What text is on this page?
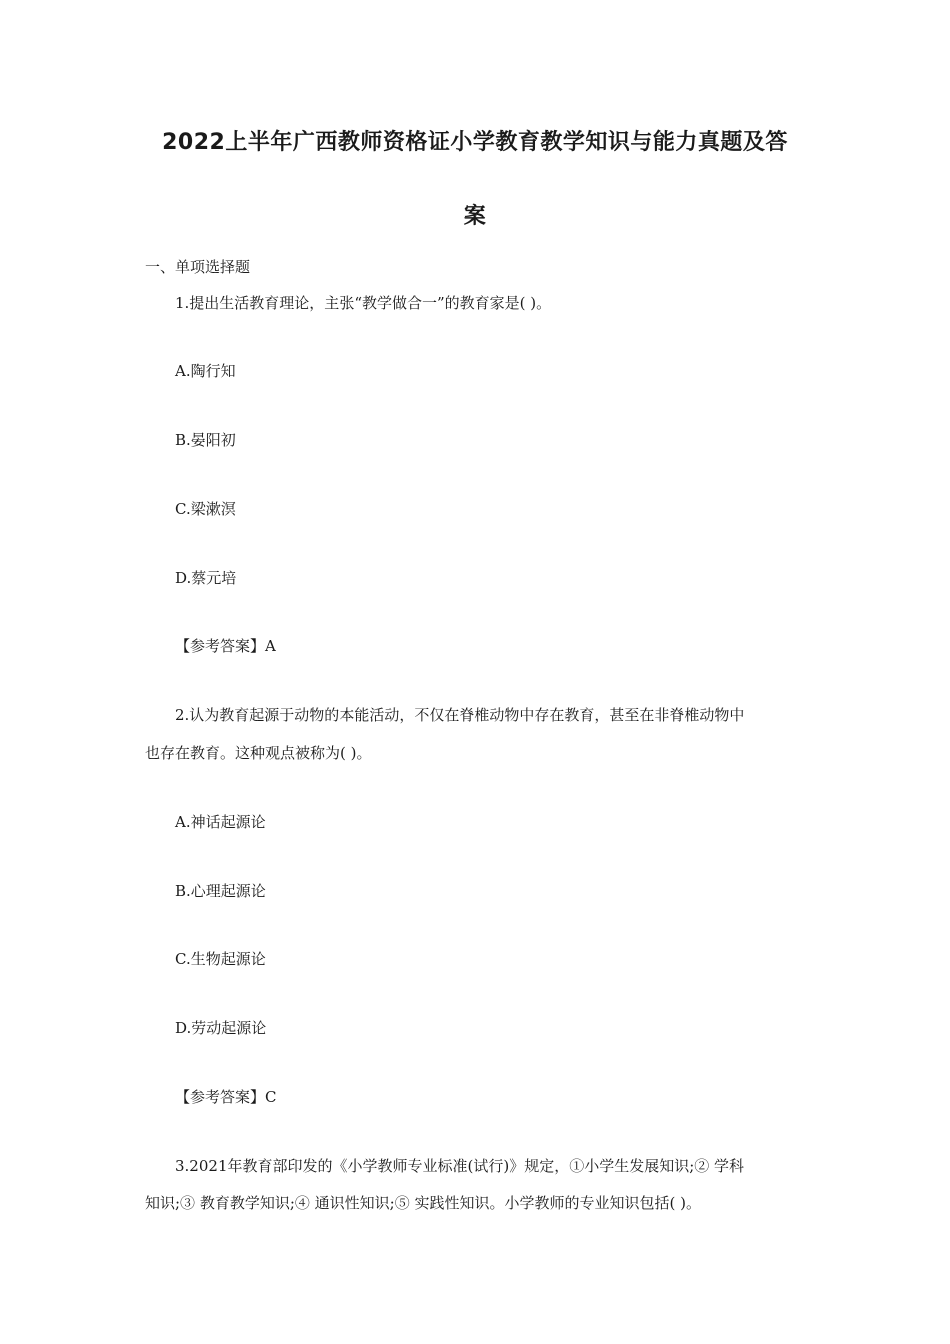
2022上半年广西教师资格证小学教育教学知识与能力真题及答
案
一、单项选择题
1.提出生活教育理论，主张“教学做合一”的教育家是( )。
A.陶行知
B.晏阳初
C.梁漱溟
D.蔡元培
【参考答案】A
2.认为教育起源于动物的本能活动，不仅在脊椎动物中存在教育，甚至在非脊椎动物中
也存在教育。这种观点被称为( )。
A.神话起源论
B.心理起源论
C.生物起源论
D.劳动起源论
【参考答案】C
3.2021年教育部印发的《小学教师专业标准(试行)》规定，①小学生发展知识;② 学科
知识;③ 教育教学知识;④ 通识性知识;⑤ 实践性知识。小学教师的专业知识包括( )。
